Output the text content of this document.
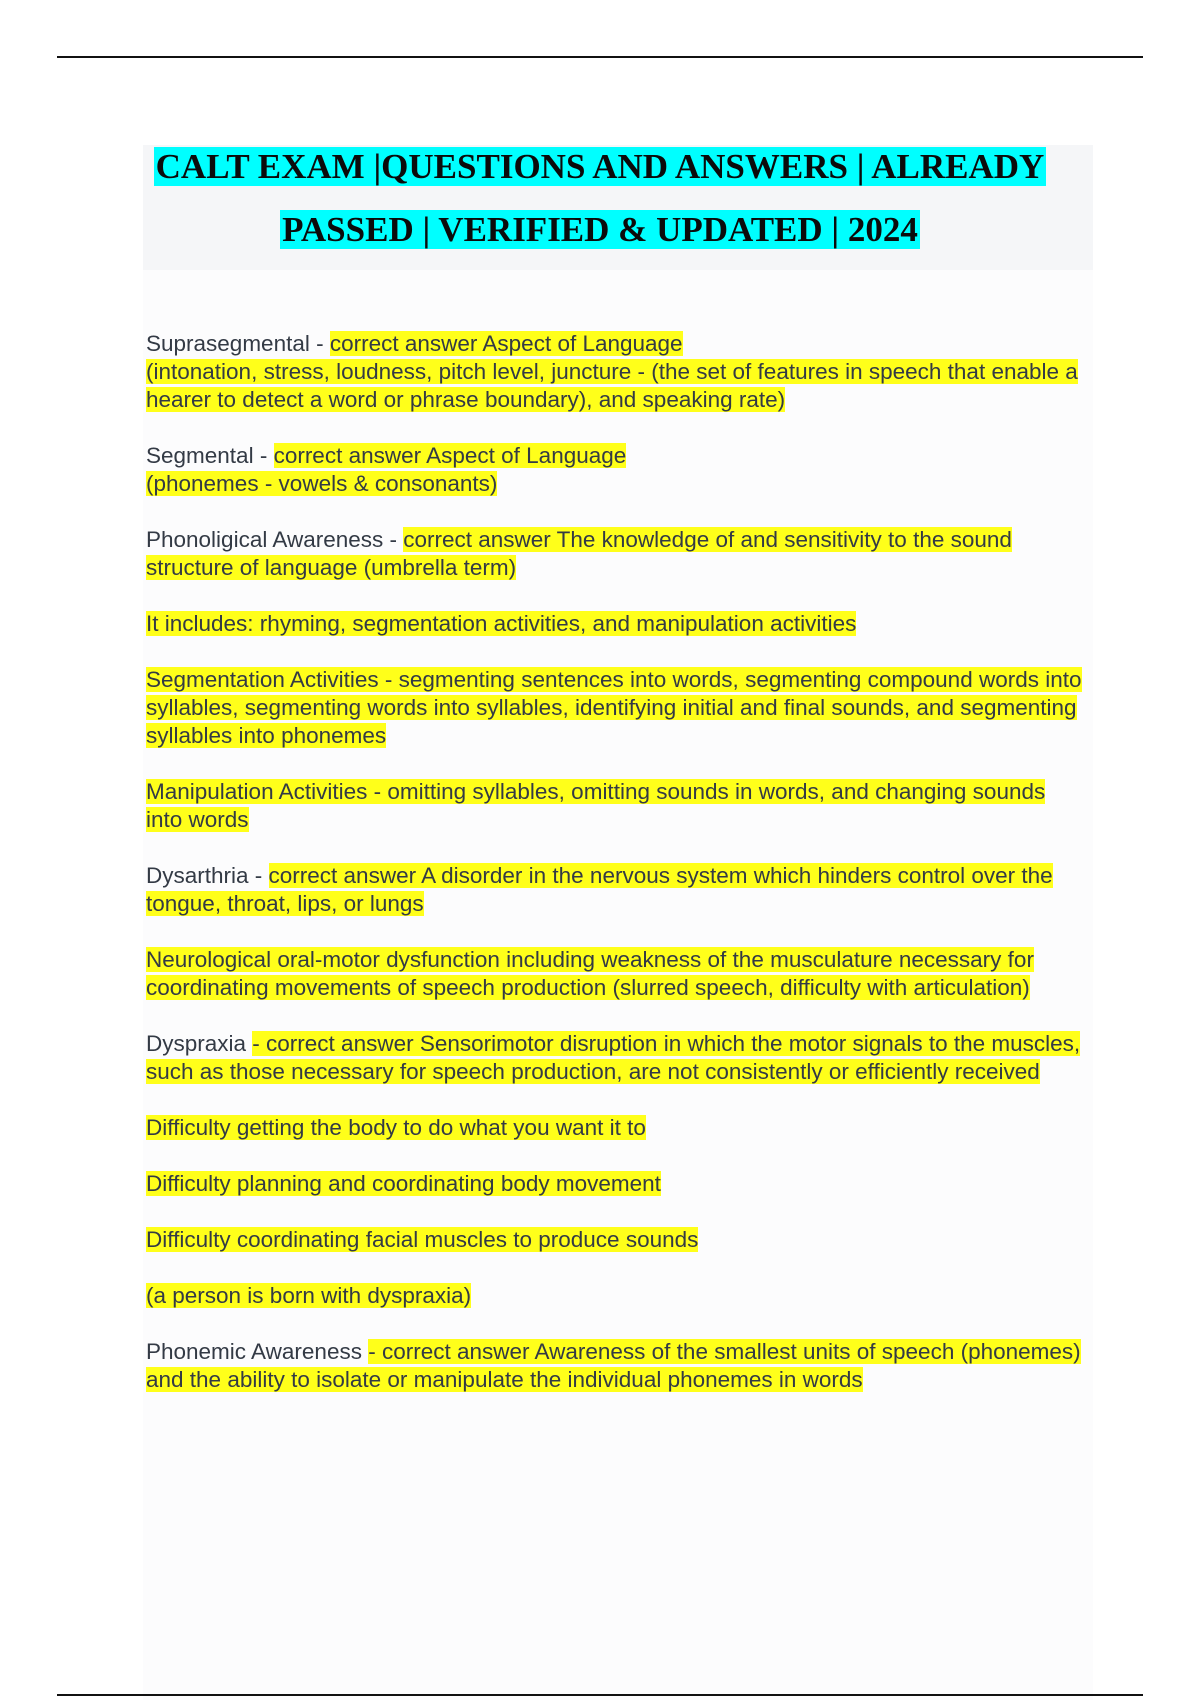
CALT EXAM |QUESTIONS AND ANSWERS | ALREADY
PASSED | VERIFIED & UPDATED | 2024

Suprasegmental - correct answer Aspect of Language
(intonation, stress, loudness, pitch level, juncture - (the set of features in speech that enable a hearer to detect a word or phrase boundary), and speaking rate)

Segmental - correct answer Aspect of Language
(phonemes - vowels & consonants)

Phonoligical Awareness - correct answer The knowledge of and sensitivity to the sound structure of language (umbrella term)

It includes: rhyming, segmentation activities, and manipulation activities

Segmentation Activities - segmenting sentences into words, segmenting compound words into syllables, segmenting words into syllables, identifying initial and final sounds, and segmenting syllables into phonemes

Manipulation Activities - omitting syllables, omitting sounds in words, and changing sounds into words

Dysarthria - correct answer A disorder in the nervous system which hinders control over the tongue, throat, lips, or lungs

Neurological oral-motor dysfunction including weakness of the musculature necessary for coordinating movements of speech production (slurred speech, difficulty with articulation)

Dyspraxia - correct answer Sensorimotor disruption in which the motor signals to the muscles, such as those necessary for speech production, are not consistently or efficiently received

Difficulty getting the body to do what you want it to

Difficulty planning and coordinating body movement

Difficulty coordinating facial muscles to produce sounds

(a person is born with dyspraxia)

Phonemic Awareness - correct answer Awareness of the smallest units of speech (phonemes) and the ability to isolate or manipulate the individual phonemes in words
